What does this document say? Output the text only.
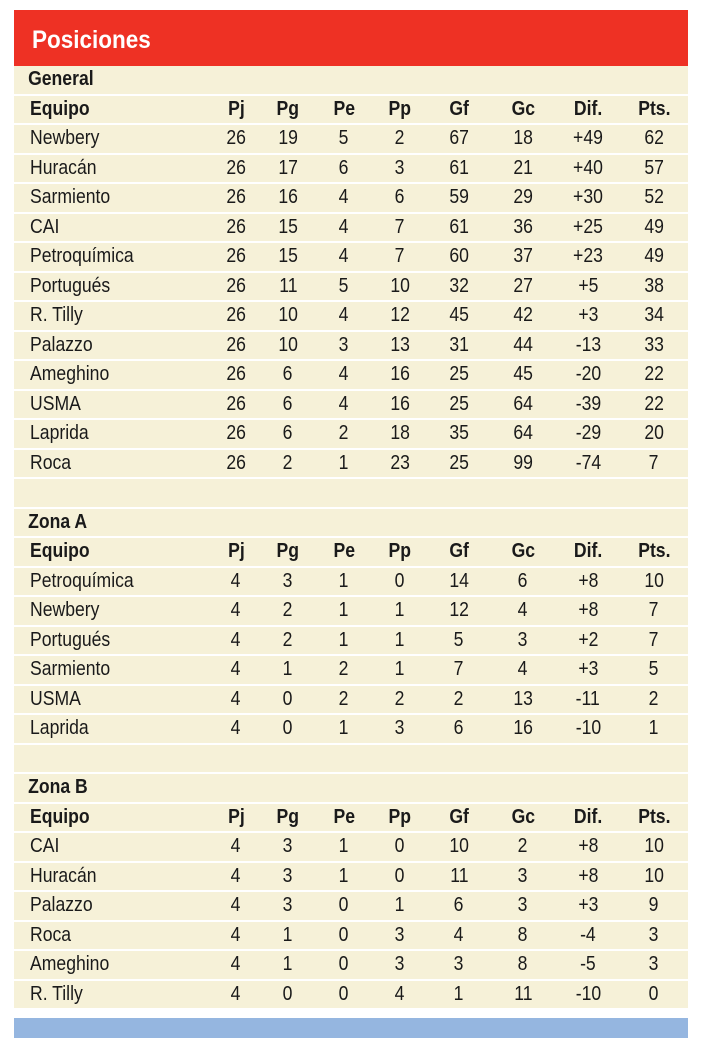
Posiciones
General
Equipo	Pj	Pg	Pe	Pp	Gf	Gc	Dif.	Pts.
Newbery	26	19	5	2	67	18	+49	62
Huracán	26	17	6	3	61	21	+40	57
Sarmiento	26	16	4	6	59	29	+30	52
CAI	26	15	4	7	61	36	+25	49
Petroquímica	26	15	4	7	60	37	+23	49
Portugués	26	11	5	10	32	27	+5	38
R. Tilly	26	10	4	12	45	42	+3	34
Palazzo	26	10	3	13	31	44	-13	33
Ameghino	26	6	4	16	25	45	-20	22
USMA	26	6	4	16	25	64	-39	22
Laprida	26	6	2	18	35	64	-29	20
Roca	26	2	1	23	25	99	-74	7
Zona A
Equipo	Pj	Pg	Pe	Pp	Gf	Gc	Dif.	Pts.
Petroquímica	4	3	1	0	14	6	+8	10
Newbery	4	2	1	1	12	4	+8	7
Portugués	4	2	1	1	5	3	+2	7
Sarmiento	4	1	2	1	7	4	+3	5
USMA	4	0	2	2	2	13	-11	2
Laprida	4	0	1	3	6	16	-10	1
Zona B
Equipo	Pj	Pg	Pe	Pp	Gf	Gc	Dif.	Pts.
CAI	4	3	1	0	10	2	+8	10
Huracán	4	3	1	0	11	3	+8	10
Palazzo	4	3	0	1	6	3	+3	9
Roca	4	1	0	3	4	8	-4	3
Ameghino	4	1	0	3	3	8	-5	3
R. Tilly	4	0	0	4	1	11	-10	0
